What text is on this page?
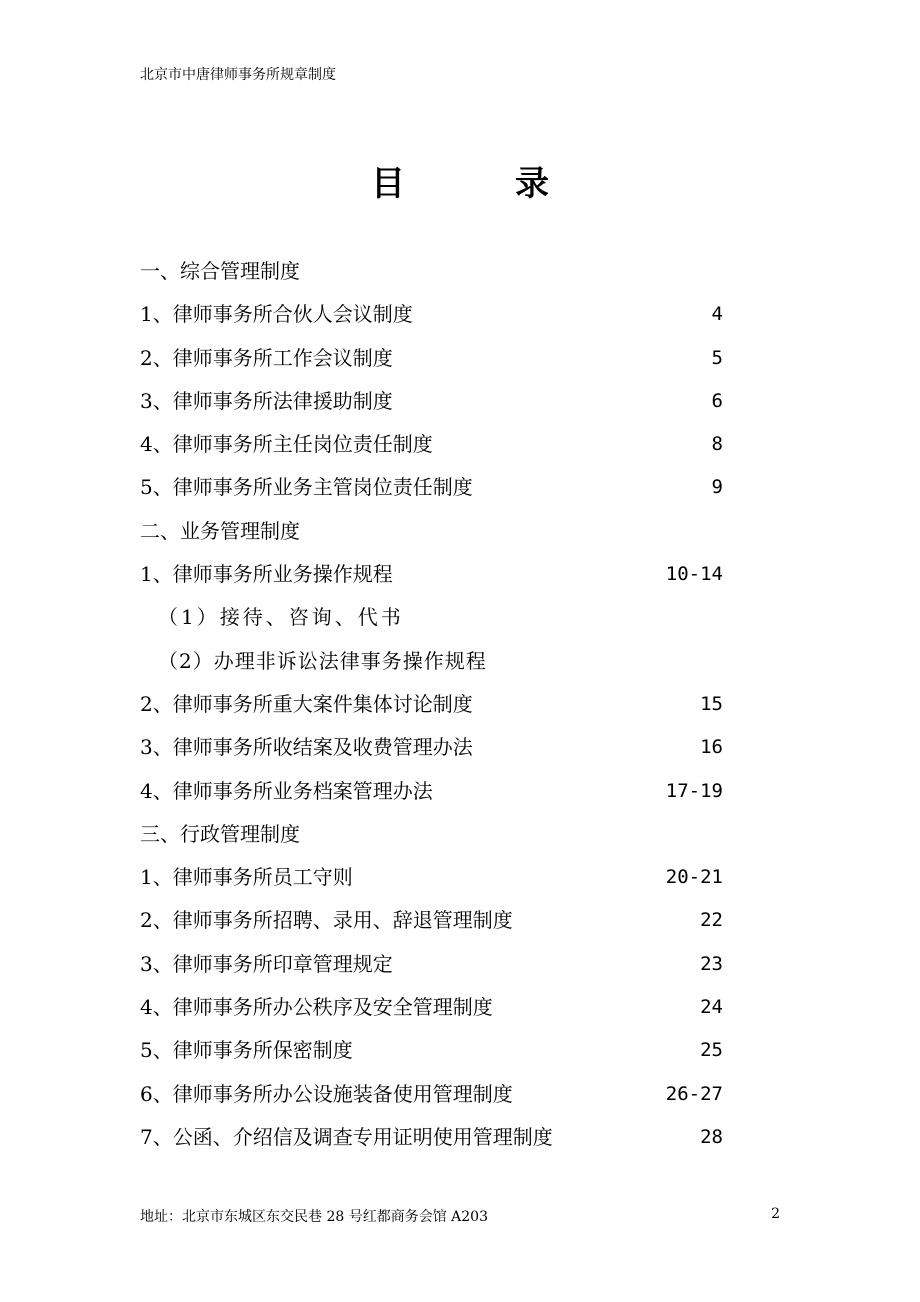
北京市中唐律师事务所规章制度
目	录
一、综合管理制度
1、律师事务所合伙人会议制度	4
2、律师事务所工作会议制度	5
3、律师事务所法律援助制度	6
4、律师事务所主任岗位责任制度	8
5、律师事务所业务主管岗位责任制度	9
二、业务管理制度
1、律师事务所业务操作规程	10-14
（1）接待、咨询、代书
（2）办理非诉讼法律事务操作规程
2、律师事务所重大案件集体讨论制度	15
3、律师事务所收结案及收费管理办法	16
4、律师事务所业务档案管理办法	17-19
三、行政管理制度
1、律师事务所员工守则	20-21
2、律师事务所招聘、录用、辞退管理制度	22
3、律师事务所印章管理规定	23
4、律师事务所办公秩序及安全管理制度	24
5、律师事务所保密制度	25
6、律师事务所办公设施装备使用管理制度	26-27
7、公函、介绍信及调查专用证明使用管理制度	28
地址：北京市东城区东交民巷 28 号红都商务会馆 A203	2
